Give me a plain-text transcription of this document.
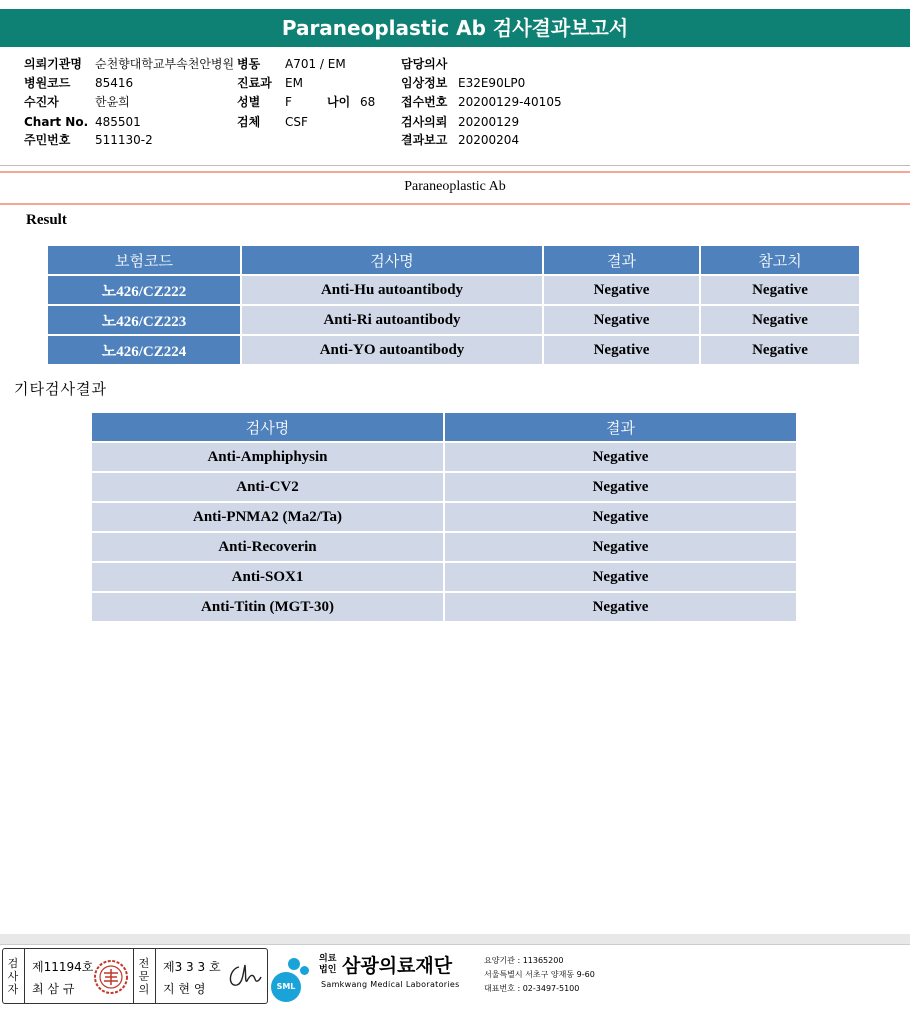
Paraneoplastic Ab 검사결과보고서
의뢰기관명 순천향대학교부속천안병원 병동 A701 / EM	담당의사
병원코드 85416	진료과 EM	임상정보 E32E90LP0
수진자	한윤희	성별 F	나이 68 접수번호 20200129-40105
Chart No. 485501	검체 CSF	검사의뢰 20200129
주민번호 511130-2	결과보고 20200204
Paraneoplastic Ab
Result
보험코드	검사명	결과	참고치
노426/CZ222	Anti-Hu autoantibody	Negative	Negative
노426/CZ223	Anti-Ri autoantibody	Negative	Negative
노426/CZ224	Anti-YO autoantibody	Negative	Negative
기타검사결과
검사명	결과
Anti-Amphiphysin	Negative
Anti-CV2	Negative
Anti-PNMA2 (Ma2/Ta)	Negative
Anti-Recoverin	Negative
Anti-SOX1	Negative
Anti-Titin (MGT-30)	Negative
검
사
자
제11194호
최 삼 규
전
문
의
제3 3 3 호
지 현 영	SML
의료
법인 삼광의료재단
Samkwang Medical Laboratories
요양기관 : 11365200
서울특별시 서초구 양재동 9-60
대표번호 : 02-3497-5100
